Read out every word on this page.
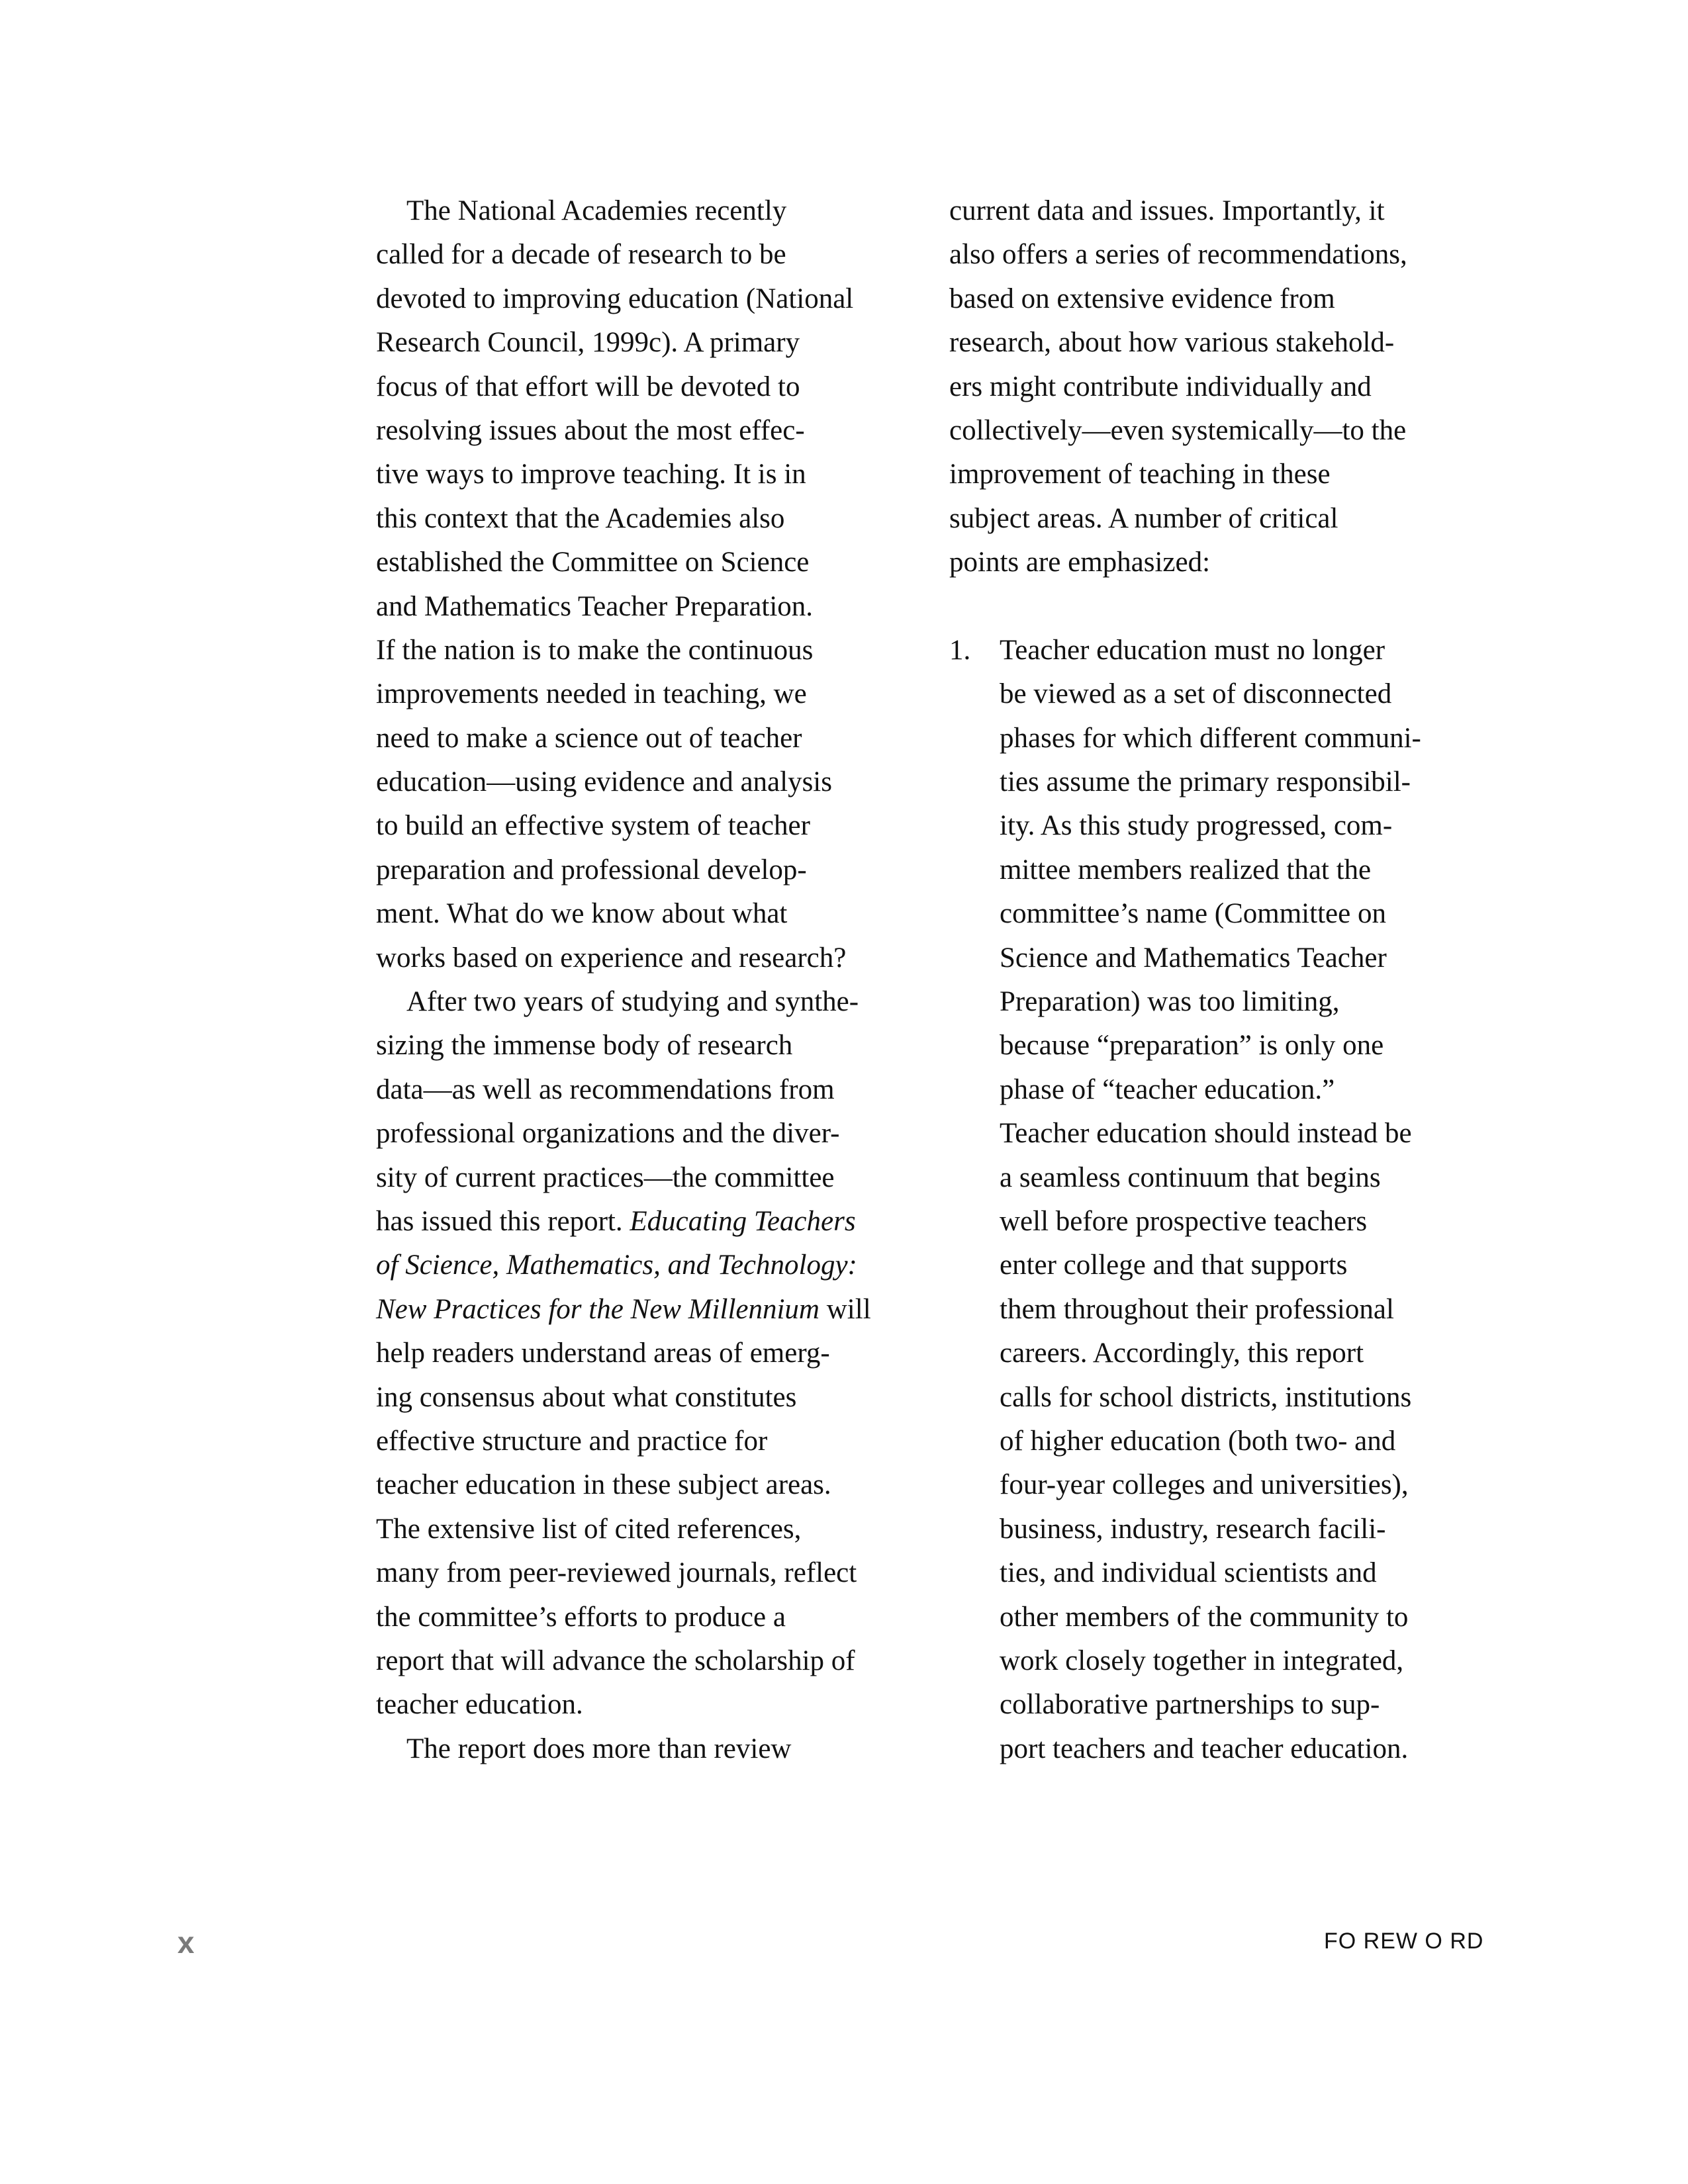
The National Academies recently
called for a decade of research to be
devoted to improving education (National
Research Council, 1999c). A primary
focus of that effort will be devoted to
resolving issues about the most effec-
tive ways to improve teaching. It is in
this context that the Academies also
established the Committee on Science
and Mathematics Teacher Preparation.
If the nation is to make the continuous
improvements needed in teaching, we
need to make a science out of teacher
education—using evidence and analysis
to build an effective system of teacher
preparation and professional develop-
ment. What do we know about what
works based on experience and research?
After two years of studying and synthe-
sizing the immense body of research
data—as well as recommendations from
professional organizations and the diver-
sity of current practices—the committee
has issued this report. Educating Teachers
of Science, Mathematics, and Technology:
New Practices for the New Millennium will
help readers understand areas of emerg-
ing consensus about what constitutes
effective structure and practice for
teacher education in these subject areas.
The extensive list of cited references,
many from peer-reviewed journals, reflect
the committee’s efforts to produce a
report that will advance the scholarship of
teacher education.
The report does more than review
current data and issues. Importantly, it
also offers a series of recommendations,
based on extensive evidence from
research, about how various stakehold-
ers might contribute individually and
collectively—even systemically—to the
improvement of teaching in these
subject areas. A number of critical
points are emphasized:
1. Teacher education must no longer
be viewed as a set of disconnected
phases for which different communi-
ties assume the primary responsibil-
ity. As this study progressed, com-
mittee members realized that the
committee’s name (Committee on
Science and Mathematics Teacher
Preparation) was too limiting,
because “preparation” is only one
phase of “teacher education.”
Teacher education should instead be
a seamless continuum that begins
well before prospective teachers
enter college and that supports
them throughout their professional
careers. Accordingly, this report
calls for school districts, institutions
of higher education (both two- and
four-year colleges and universities),
business, industry, research facili-
ties, and individual scientists and
other members of the community to
work closely together in integrated,
collaborative partnerships to sup-
port teachers and teacher education.
x	FO REW O RD
